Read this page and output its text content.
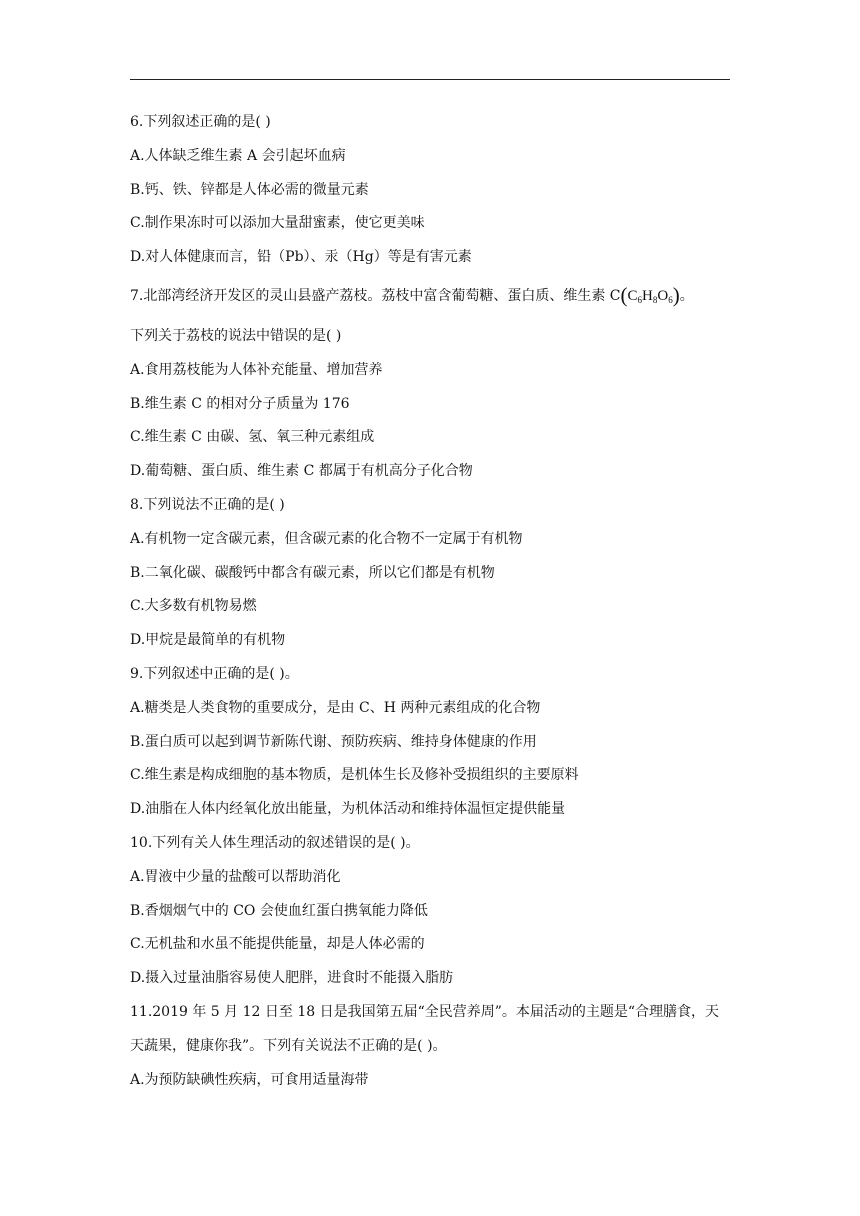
6.下列叙述正确的是( )
A.人体缺乏维生素 A 会引起坏血病
B.钙、铁、锌都是人体必需的微量元素
C.制作果冻时可以添加大量甜蜜素，使它更美味
D.对人体健康而言，铅（Pb）、汞（Hg）等是有害元素
7.北部湾经济开发区的灵山县盛产荔枝。荔枝中富含葡萄糖、蛋白质、维生素 $C(C_6H_8O_6)$。
下列关于荔枝的说法中错误的是( )
A.食用荔枝能为人体补充能量、增加营养
B.维生素 C 的相对分子质量为 176
C.维生素 C 由碳、氢、氧三种元素组成
D.葡萄糖、蛋白质、维生素 C 都属于有机高分子化合物
8.下列说法不正确的是( )
A.有机物一定含碳元素，但含碳元素的化合物不一定属于有机物
B.二氧化碳、碳酸钙中都含有碳元素，所以它们都是有机物
C.大多数有机物易燃
D.甲烷是最简单的有机物
9.下列叙述中正确的是( )。
A.糖类是人类食物的重要成分，是由 C、H 两种元素组成的化合物
B.蛋白质可以起到调节新陈代谢、预防疾病、维持身体健康的作用
C.维生素是构成细胞的基本物质，是机体生长及修补受损组织的主要原料
D.油脂在人体内经氧化放出能量，为机体活动和维持体温恒定提供能量
10.下列有关人体生理活动的叙述错误的是( )。
A.胃液中少量的盐酸可以帮助消化
B.香烟烟气中的 CO 会使血红蛋白携氧能力降低
C.无机盐和水虽不能提供能量，却是人体必需的
D.摄入过量油脂容易使人肥胖，进食时不能摄入脂肪
11.2019 年 5 月 12 日至 18 日是我国第五届“全民营养周”。本届活动的主题是“合理膳食，天
天蔬果，健康你我”。下列有关说法不正确的是( )。
A.为预防缺碘性疾病，可食用适量海带
